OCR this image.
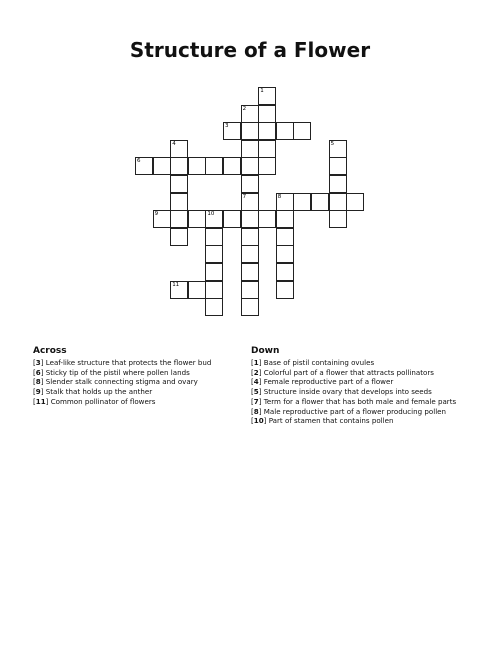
Structure of a Flower
1
2
3
4	5
6
7	8
9	10
11
Across
[3] Leaf-like structure that protects the flower bud
[6] Sticky tip of the pistil where pollen lands
[8] Slender stalk connecting stigma and ovary
[9] Stalk that holds up the anther
[11] Common pollinator of flowers
Down
[1] Base of pistil containing ovules
[2] Colorful part of a flower that attracts pollinators
[4] Female reproductive part of a flower
[5] Structure inside ovary that develops into seeds
[7] Term for a flower that has both male and female parts
[8] Male reproductive part of a flower producing pollen
[10] Part of stamen that contains pollen
